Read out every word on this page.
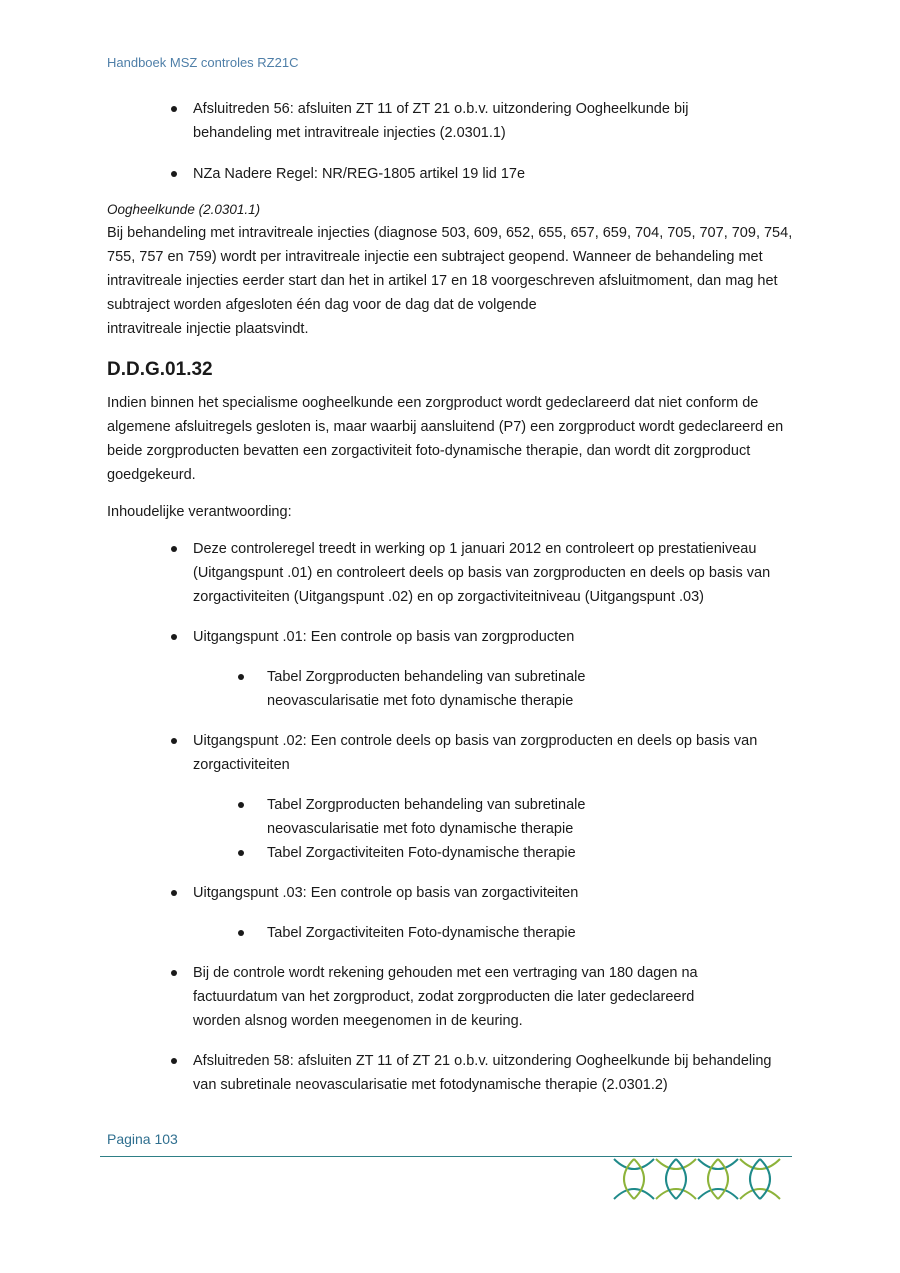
Handboek MSZ controles RZ21C

Afsluitreden 56: afsluiten ZT 11 of ZT 21 o.b.v. uitzondering Oogheelkunde bij behandeling met intravitreale injecties (2.0301.1)

NZa Nadere Regel: NR/REG-1805 artikel 19 lid 17e

Oogheelkunde (2.0301.1)

Bij behandeling met intravitreale injecties (diagnose 503, 609, 652, 655, 657, 659, 704, 705, 707, 709, 754, 755, 757 en 759) wordt per intravitreale injectie een subtraject geopend. Wanneer de behandeling met intravitreale injecties eerder start dan het in artikel 17 en 18 voorgeschreven afsluitmoment, dan mag het subtraject worden afgesloten één dag voor de dag dat de volgende

intravitreale injectie plaatsvindt.

D.D.G.01.32

Indien binnen het specialisme oogheelkunde een zorgproduct wordt gedeclareerd dat niet conform de algemene afsluitregels gesloten is, maar waarbij aansluitend (P7) een zorgproduct wordt gedeclareerd en beide zorgproducten bevatten een zorgactiviteit foto-dynamische therapie, dan wordt dit zorgproduct goedgekeurd.

Inhoudelijke verantwoording:

Deze controleregel treedt in werking op 1 januari 2012 en controleert op prestatieniveau (Uitgangspunt .01) en controleert deels op basis van zorgproducten en deels op basis van zorgactiviteiten (Uitgangspunt .02) en op zorgactiviteitniveau (Uitgangspunt .03)

Uitgangspunt .01: Een controle op basis van zorgproducten

Tabel Zorgproducten behandeling van subretinale neovascularisatie met foto dynamische therapie

Uitgangspunt .02: Een controle deels op basis van zorgproducten en deels op basis van zorgactiviteiten

Tabel Zorgproducten behandeling van subretinale neovascularisatie met foto dynamische therapie

Tabel Zorgactiviteiten Foto-dynamische therapie

Uitgangspunt .03: Een controle op basis van zorgactiviteiten

Tabel Zorgactiviteiten Foto-dynamische therapie

Bij de controle wordt rekening gehouden met een vertraging van 180 dagen na factuurdatum van het zorgproduct, zodat zorgproducten die later gedeclareerd worden alsnog worden meegenomen in de keuring.

Afsluitreden 58: afsluiten ZT 11 of ZT 21 o.b.v. uitzondering Oogheelkunde bij behandeling van subretinale neovascularisatie met fotodynamische therapie (2.0301.2)

Pagina 103
